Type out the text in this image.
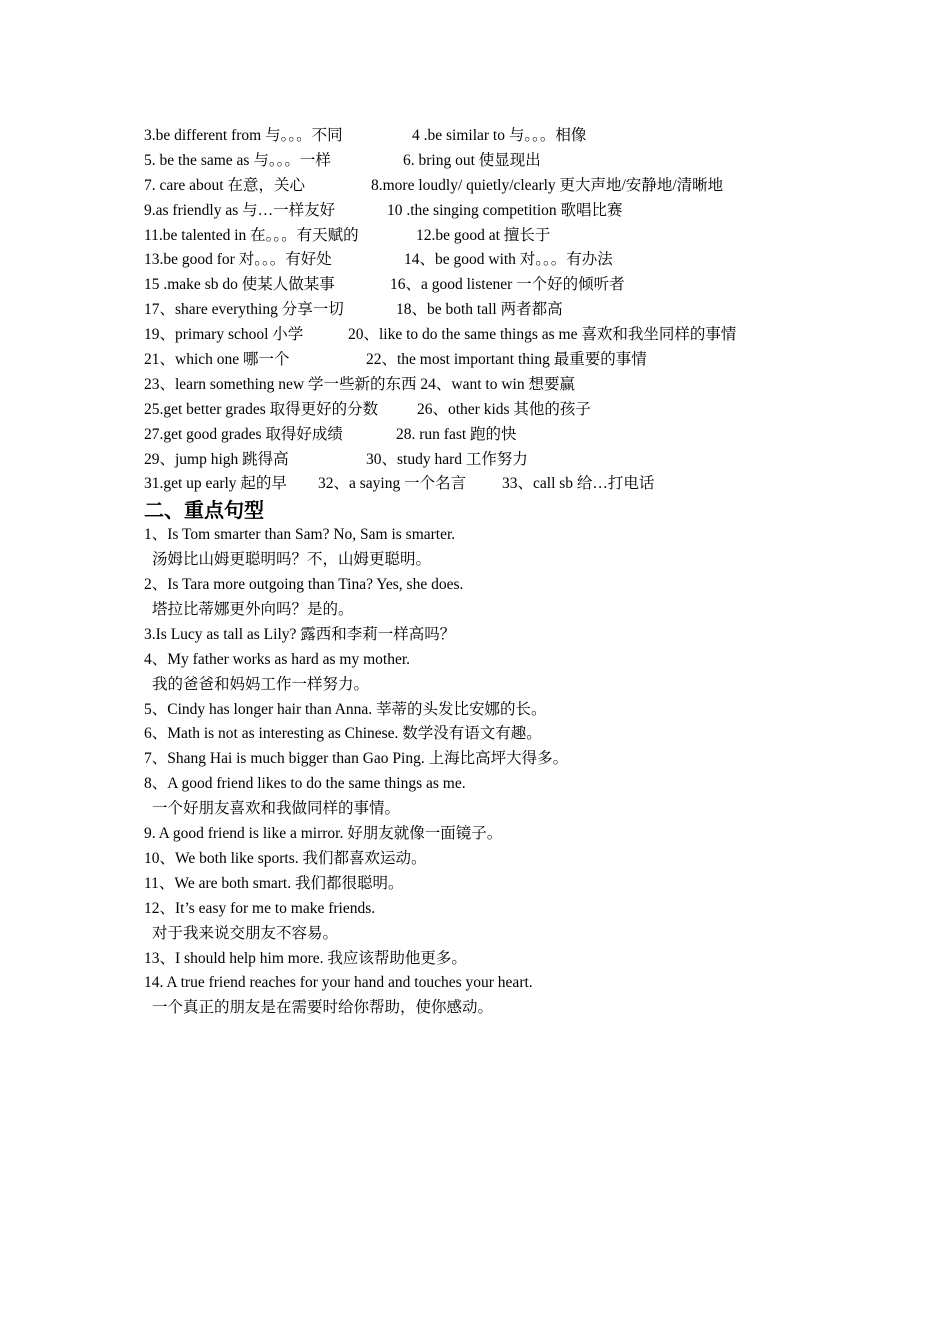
3.be different from 与。。。不同	4 .be similar to 与。。。相像
5. be the same as 与。。。一样	6. bring out 使显现出
7. care about 在意，关心	8.more loudly/ quietly/clearly 更大声地/安静地/清晰地
9.as friendly as 与…一样友好	10 .the singing competition 歌唱比赛
11.be talented in 在。。。有天赋的	12.be good at 擅长于
13.be good for 对。。。有好处	14、be good with 对。。。有办法
15 .make sb do 使某人做某事	16、a good listener 一个好的倾听者
17、share everything 分享一切	18、be both tall 两者都高
19、primary school 小学	20、like to do the same things as me 喜欢和我坐同样的事情
21、which one 哪一个	22、the most important thing 最重要的事情
23、learn something new 学一些新的东西 24、want to win 想要赢
25.get better grades 取得更好的分数	26、other kids 其他的孩子
27.get good grades 取得好成绩	28. run fast 跑的快
29、jump high 跳得高	30、study hard 工作努力
31.get up early 起的早 32、a saying 一个名言 33、call sb 给…打电话
二、重点句型
1、Is Tom smarter than Sam? No, Sam is smarter.
汤姆比山姆更聪明吗？不，山姆更聪明。
2、Is Tara more outgoing than Tina? Yes, she does.
塔拉比蒂娜更外向吗？是的。
3.Is Lucy as tall as Lily? 露西和李莉一样高吗？
4、My father works as hard as my mother.
我的爸爸和妈妈工作一样努力。
5、Cindy has longer hair than Anna. 莘蒂的头发比安娜的长。
6、Math is not as interesting as Chinese. 数学没有语文有趣。
7、Shang Hai is much bigger than Gao Ping. 上海比高坪大得多。
8、A good friend likes to do the same things as me.
一个好朋友喜欢和我做同样的事情。
9. A good friend is like a mirror. 好朋友就像一面镜子。
10、We both like sports. 我们都喜欢运动。
11、We are both smart. 我们都很聪明。
12、It’s easy for me to make friends.
对于我来说交朋友不容易。
13、I should help him more. 我应该帮助他更多。
14. A true friend reaches for your hand and touches your heart.
一个真正的朋友是在需要时给你帮助，使你感动。
